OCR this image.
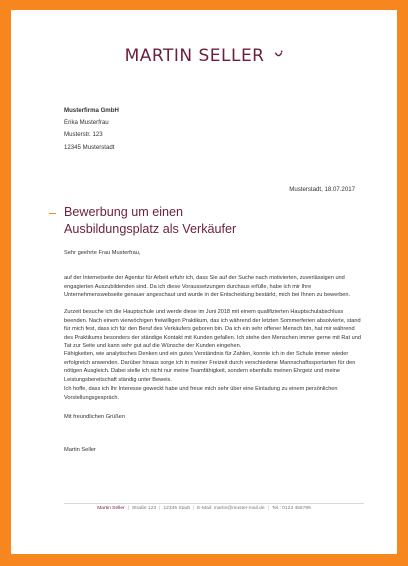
MARTIN SELLER
Musterfirma GmbH
Erika Musterfrau
Musterstr. 123
12345 Musterstadt
Musterstadt, 18.07.2017
Bewerbung um einen
Ausbildungsplatz als Verkäufer
Sehr geehrte Frau Musterfrau,
auf der Internetseite der Agentur für Arbeit erfuhr ich, dass Sie auf der Suche nach motivierten, zuverlässigen und engagierten Auszubildenden sind. Da ich diese Voraussetzungen durchaus erfülle, habe ich mir Ihre Unternehmenswebseite genauer angeschaut und wurde in der Entscheidung bestärkt, mich bei Ihnen zu bewerben.
Zurzeit besuche ich die Hauptschule und werde diese im Juni 2018 mit einem qualifizierten Hauptschulabschluss beenden. Nach einem vierwöchigen freiwilligen Praktikum, das ich während der letzten Sommerferien absolvierte, stand für mich fest, dass ich für den Beruf des Verkäufers geboren bin. Da ich ein sehr offener Mensch bin, hat mir während des Praktikums besonders der ständige Kontakt mit Kunden gefallen. Ich stehe den Menschen immer gerne mit Rat und Tat zur Seite und kann sehr gut auf die Wünsche der Kunden eingehen.
Fähigkeiten, wie analytisches Denken und ein gutes Verständnis für Zahlen, konnte ich in der Schule immer wieder erfolgreich anwenden. Darüber hinaus sorge ich in meiner Freizeit durch verschiedene Mannschaftssportarten für den nötigen Ausgleich. Dabei stelle ich nicht nur meine Teamfähigkeit, sondern ebenfalls meinen Ehrgeiz und meine Leistungsbereitschaft ständig unter Beweis.
Ich hoffe, dass ich Ihr Interesse geweckt habe und freue mich sehr über eine Einladung zu einem persönlichen Vorstellungsgespräch.
Mit freundlichen Grüßen
Martin Seller
Martin Seller | Straße 123 | 12345 Stadt | E-Mail: martin@muster-mail.de | Tel.: 0123 456789
